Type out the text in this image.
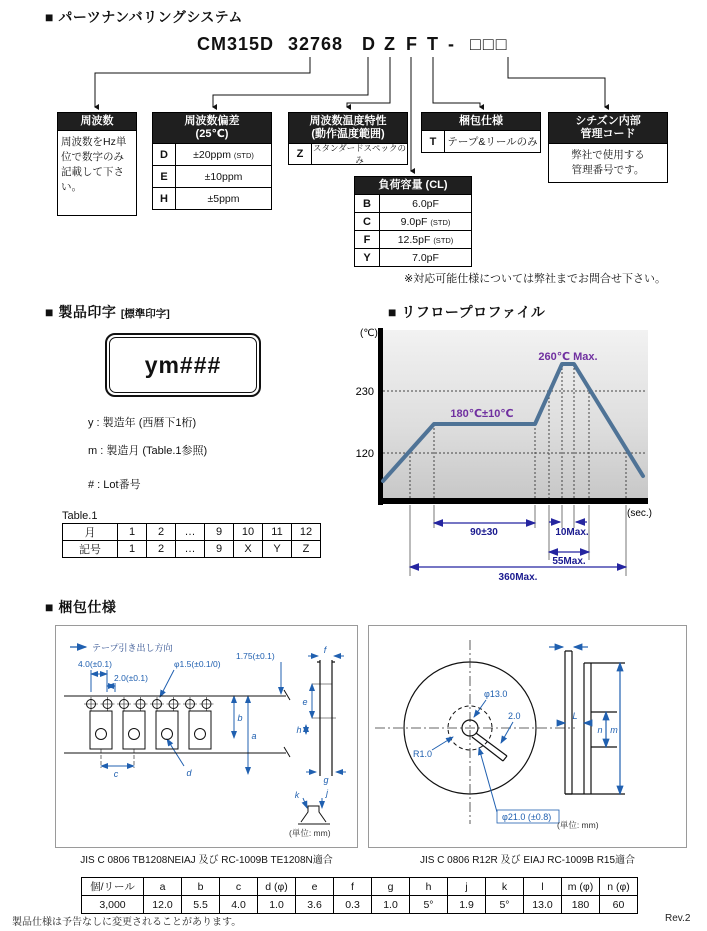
■ パーツナンバリングシステム
CM315D 32768 D Z F T - □□□
周波数
周波数をHz単位で数字のみ記載して下さい。
周波数偏差
(25℃)
D	±20ppm (STD)
E	±10ppm
H	±5ppm
周波数温度特性
(動作温度範囲)
Z	スタンダードスペックのみ
梱包仕様
T	テープ&リールのみ
シチズン内部
管理コード
弊社で使用する
管理番号です。
負荷容量 (CL)
B	6.0pF
C	9.0pF (STD)
F	12.5pF (STD)
Y	7.0pF
※対応可能仕様については弊社までお問合せ下さい。
■ 製品印字 [標準印字]
ym###
y : 製造年 (西暦下1桁)
m : 製造月 (Table.1参照)
# : Lot番号
Table.1
月	1	2	…	9	10	11	12
記号	1	2	…	9	X	Y	Z
■ リフロープロファイル
(℃)
230
120
(sec.)
260℃ Max.
180℃±10℃
90±30	10Max.
55Max.
360Max.
■ 梱包仕様
テープ引き出し方向
4.0(±0.1)
2.0(±0.1)
φ1.5(±0.1/0)
1.75(±0.1)
b
a
c	d
f
e
h
g
k	j
(単位: mm)
φ13.0
2.0
R1.0
φ21.0 (±0.8)
L
n m
(単位: mm)
JIS C 0806 TB1208NEIAJ 及び RC-1009B TE1208N適合	JIS C 0806 R12R 及び EIAJ RC-1009B R15適合
個/リール	a	b	c	d (φ)	e	f	g	h	j	k	l	m (φ)	n (φ)
3,000	12.0	5.5	4.0	1.0	3.6	0.3	1.0	5°	1.9	5°	13.0	180	60
製品仕様は予告なしに変更されることがあります。	Rev.2
